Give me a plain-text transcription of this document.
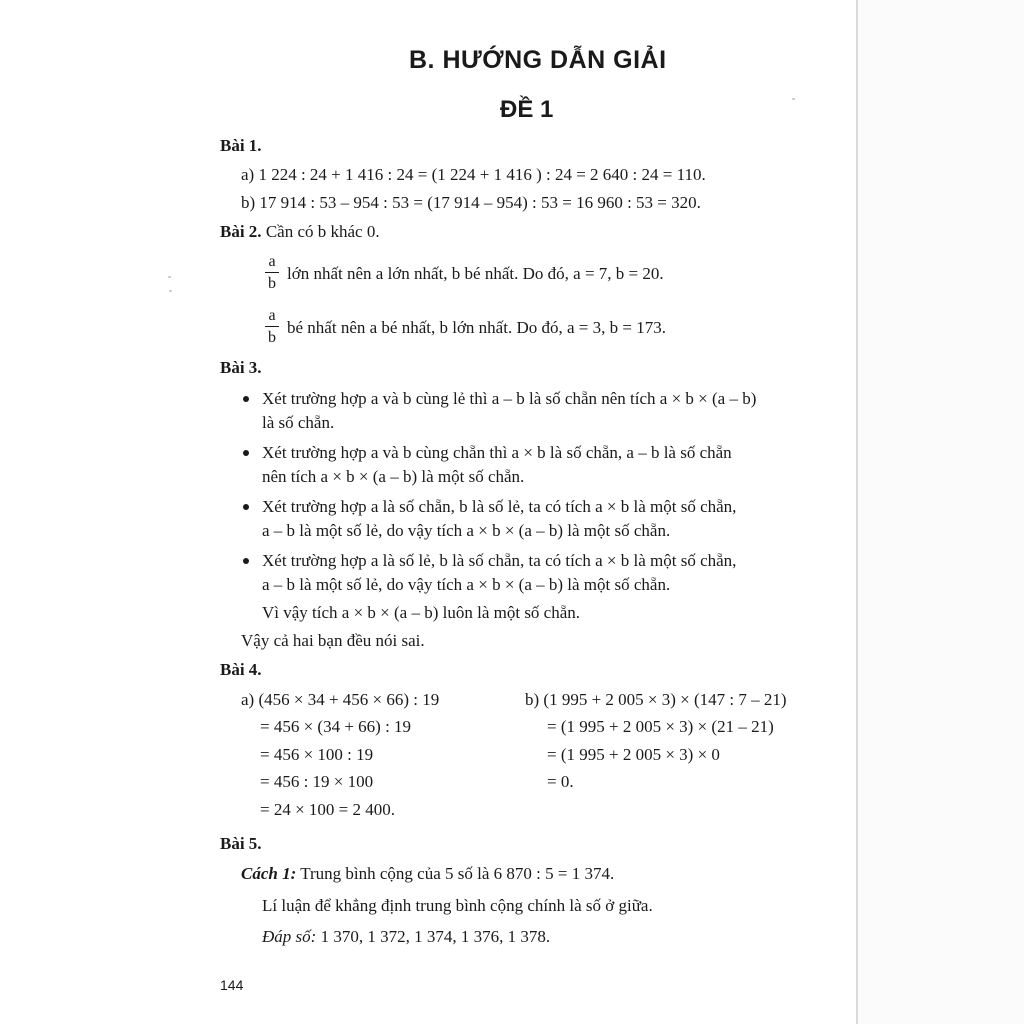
B. HƯỚNG DẪN GIẢI
ĐỀ 1
Bài 1.
a) 1 224 : 24 + 1 416 : 24 = (1 224 + 1 416 ) : 24 = 2 640 : 24 = 110.
b) 17 914 : 53 – 954 : 53 = (17 914 – 954) : 53 = 16 960 : 53 = 320.
Bài 2. Cần có b khác 0.
a
b
lớn nhất nên a lớn nhất, b bé nhất. Do đó, a = 7, b = 20.
a
b
bé nhất nên a bé nhất, b lớn nhất. Do đó, a = 3, b = 173.
Bài 3.
Xét trường hợp a và b cùng lẻ thì a – b là số chẵn nên tích a × b × (a – b)
là số chẵn.
Xét trường hợp a và b cùng chẵn thì a × b là số chẵn, a – b là số chẵn
nên tích a × b × (a – b) là một số chẵn.
Xét trường hợp a là số chẵn, b là số lẻ, ta có tích a × b là một số chẵn,
a – b là một số lẻ, do vậy tích a × b × (a – b) là một số chẵn.
Xét trường hợp a là số lẻ, b là số chẵn, ta có tích a × b là một số chẵn,
a – b là một số lẻ, do vậy tích a × b × (a – b) là một số chẵn.
Vì vậy tích a × b × (a – b) luôn là một số chẵn.
Vậy cả hai bạn đều nói sai.
Bài 4.
a) (456 × 34 + 456 × 66) : 19
= 456 × (34 + 66) : 19
= 456 × 100 : 19
= 456 : 19 × 100
= 24 × 100 = 2 400.
b) (1 995 + 2 005 × 3) × (147 : 7 – 21)
= (1 995 + 2 005 × 3) × (21 – 21)
= (1 995 + 2 005 × 3) × 0
= 0.
Bài 5.
Cách 1: Trung bình cộng của 5 số là 6 870 : 5 = 1 374.
Lí luận để khẳng định trung bình cộng chính là số ở giữa.
Đáp số: 1 370, 1 372, 1 374, 1 376, 1 378.
144
